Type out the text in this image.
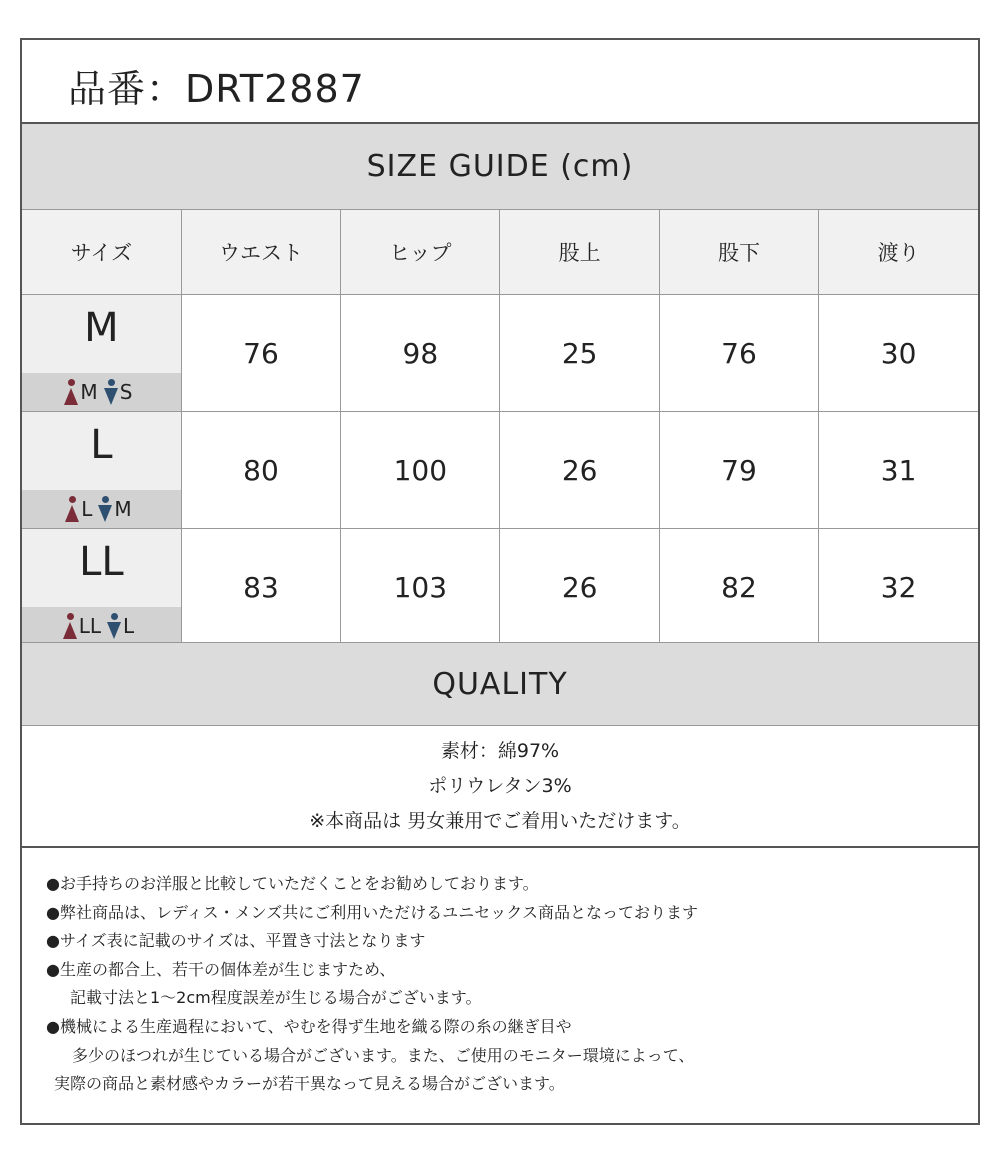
品番：DRT2887
SIZE GUIDE (cm)
サイズ	ウエスト	ヒップ	股上	股下	渡り

M
M S	76	98	25	76	30

L
L M	80	100	26	79	31

LL
LL L	83	103	26	82	32
QUALITY
素材：綿97%
ポリウレタン3%
※本商品は 男女兼用でご着用いただけます。
●お手持ちのお洋服と比較していただくことをお勧めしております。
●弊社商品は、レディス・メンズ共にご利用いただけるユニセックス商品となっております
●サイズ表に記載のサイズは、平置き寸法となります
●生産の都合上、若干の個体差が生じますため、
記載寸法と1～2cm程度誤差が生じる場合がございます。
●機械による生産過程において、やむを得ず生地を織る際の糸の継ぎ目や
多少のほつれが生じている場合がございます。また、ご使用のモニター環境によって、
実際の商品と素材感やカラーが若干異なって見える場合がございます。
